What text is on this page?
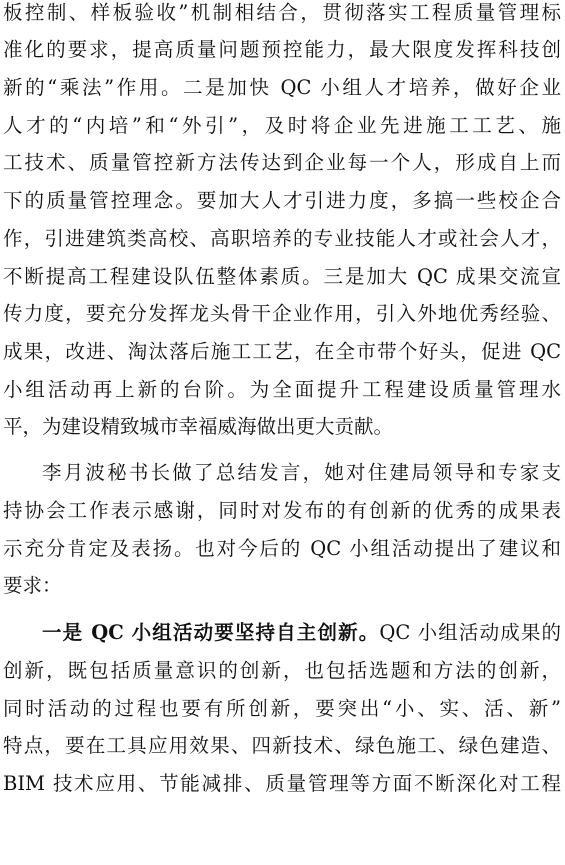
板控制、样板验收”机制相结合，贯彻落实工程质量管理标
准化的要求，提高质量问题预控能力，最大限度发挥科技创
新的“乘法”作用。二是加快 QC 小组人才培养，做好企业
人才的“内培”和“外引”，及时将企业先进施工工艺、施
工技术、质量管控新方法传达到企业每一个人，形成自上而
下的质量管控理念。要加大人才引进力度，多搞一些校企合
作，引进建筑类高校、高职培养的专业技能人才或社会人才，
不断提高工程建设队伍整体素质。三是加大 QC 成果交流宣
传力度，要充分发挥龙头骨干企业作用，引入外地优秀经验、
成果，改进、淘汰落后施工工艺，在全市带个好头，促进 QC
小组活动再上新的台阶。为全面提升工程建设质量管理水
平，为建设精致城市幸福威海做出更大贡献。
李月波秘书长做了总结发言，她对住建局领导和专家支
持协会工作表示感谢，同时对发布的有创新的优秀的成果表
示充分肯定及表扬。也对今后的 QC 小组活动提出了建议和
要求：
一是 QC 小组活动要坚持自主创新。QC 小组活动成果的
创新，既包括质量意识的创新，也包括选题和方法的创新，
同时活动的过程也要有所创新，要突出“小、实、活、新”
特点，要在工具应用效果、四新技术、绿色施工、绿色建造、
BIM 技术应用、节能减排、质量管理等方面不断深化对工程
